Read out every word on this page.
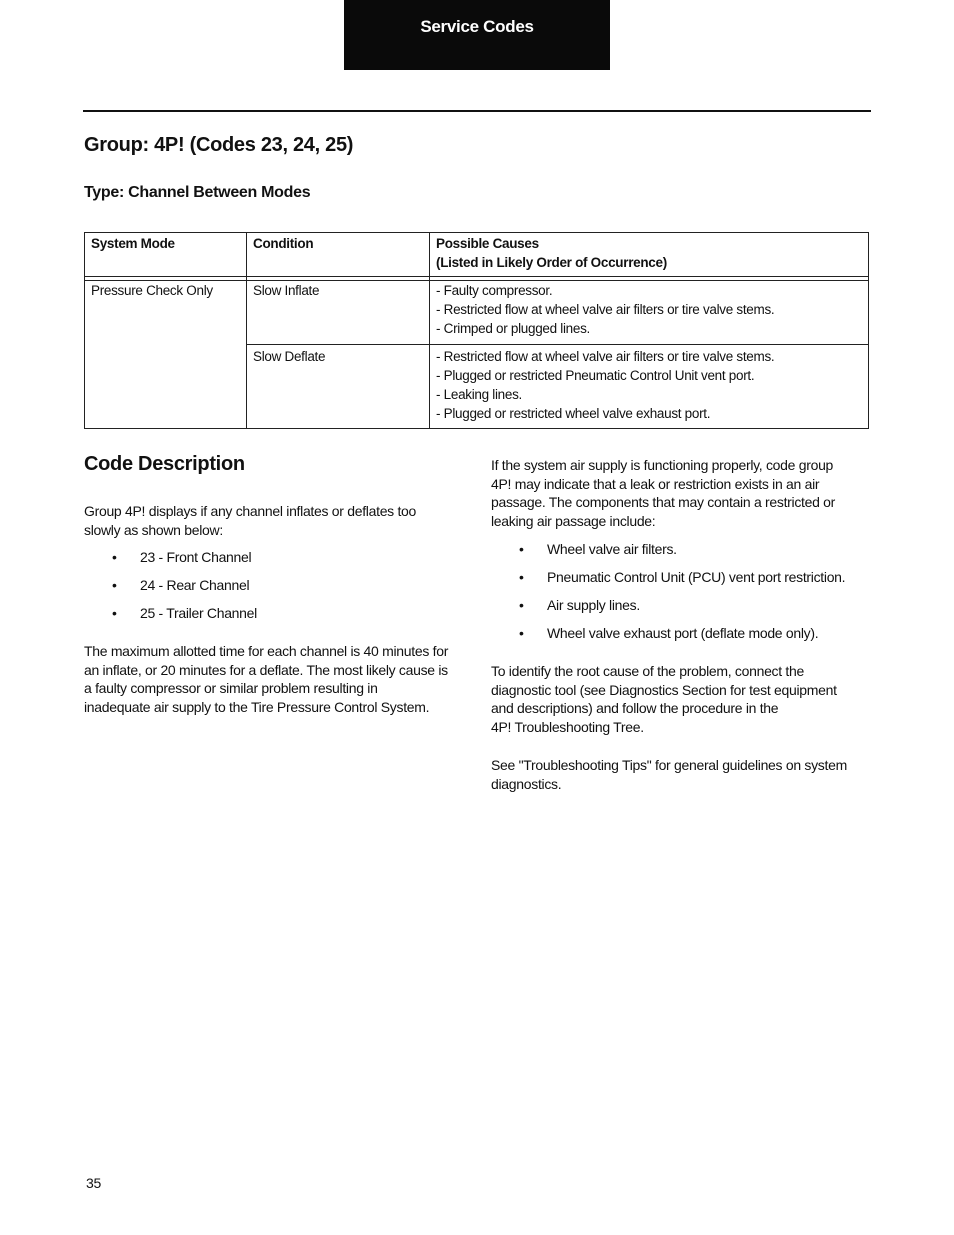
Service Codes
Group: 4P! (Codes 23, 24, 25)
Type: Channel Between Modes
System Mode	Condition	Possible Causes
(Listed in Likely Order of Occurrence)
Pressure Check Only	Slow Inflate	- Faulty compressor.
- Restricted flow at wheel valve air filters or tire valve stems.
- Crimped or plugged lines.
Slow Deflate	- Restricted flow at wheel valve air filters or tire valve stems.
- Plugged or restricted Pneumatic Control Unit vent port.
- Leaking lines.
- Plugged or restricted wheel valve exhaust port.
Code Description
Group 4P! displays if any channel inflates or deflates too
slowly as shown below:
• 23 - Front Channel
• 24 - Rear Channel
• 25 - Trailer Channel
The maximum allotted time for each channel is 40 minutes for
an inflate, or 20 minutes for a deflate. The most likely cause is
a faulty compressor or similar problem resulting in
inadequate air supply to the Tire Pressure Control System.
If the system air supply is functioning properly, code group
4P! may indicate that a leak or restriction exists in an air
passage. The components that may contain a restricted or
leaking air passage include:
• Wheel valve air filters.
• Pneumatic Control Unit (PCU) vent port restriction.
• Air supply lines.
• Wheel valve exhaust port (deflate mode only).
To identify the root cause of the problem, connect the
diagnostic tool (see Diagnostics Section for test equipment
and descriptions) and follow the procedure in the
4P! Troubleshooting Tree.
See "Troubleshooting Tips" for general guidelines on system
diagnostics.
35
